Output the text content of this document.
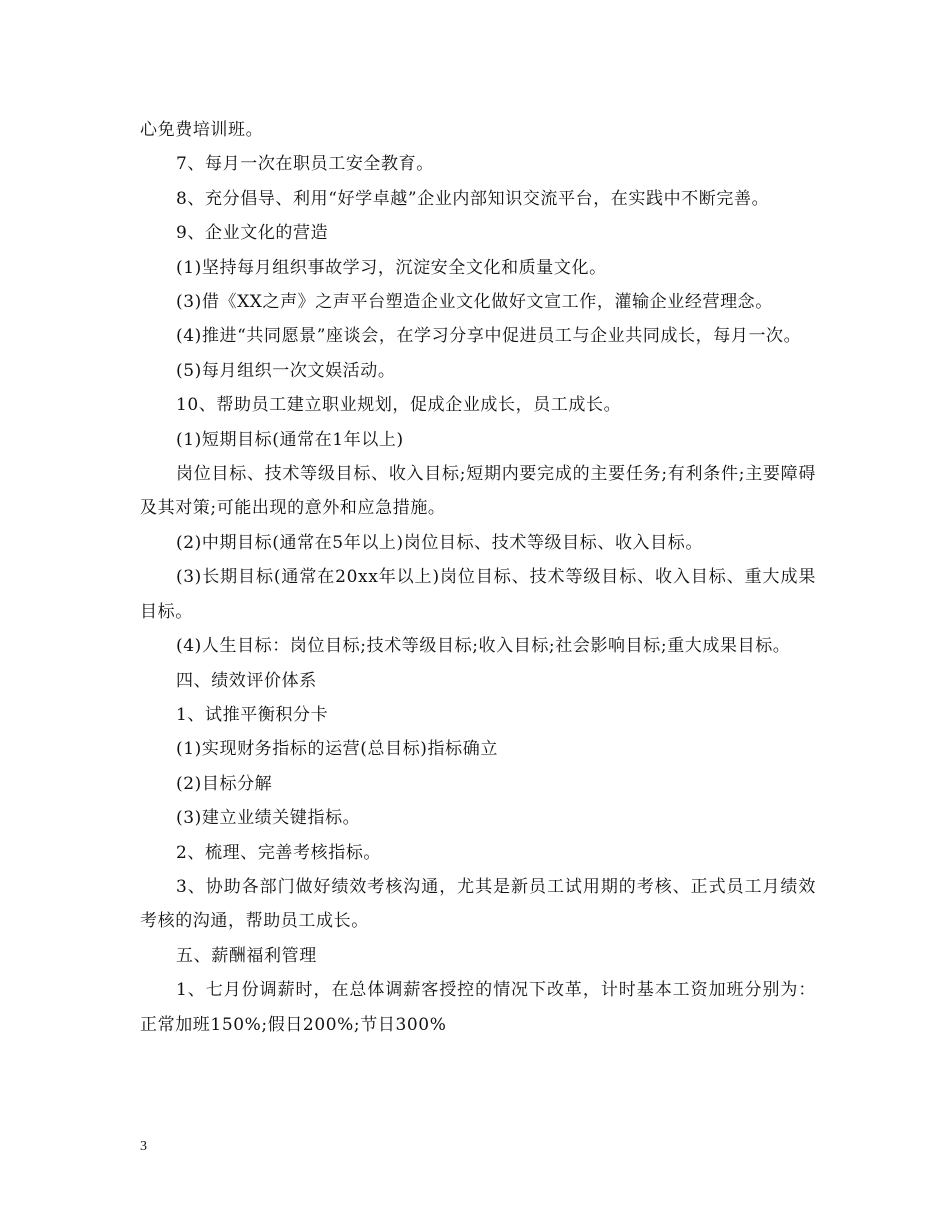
心免费培训班。

7、每月一次在职员工安全教育。

8、充分倡导、利用“好学卓越”企业内部知识交流平台，在实践中不断完善。

9、企业文化的营造

(1)坚持每月组织事故学习，沉淀安全文化和质量文化。

(3)借《XX之声》之声平台塑造企业文化做好文宣工作，灌输企业经营理念。

(4)推进“共同愿景”座谈会，在学习分享中促进员工与企业共同成长，每月一次。

(5)每月组织一次文娱活动。

10、帮助员工建立职业规划，促成企业成长，员工成长。

(1)短期目标(通常在1年以上)

岗位目标、技术等级目标、收入目标;短期内要完成的主要任务;有利条件;主要障碍及其对策;可能出现的意外和应急措施。

(2)中期目标(通常在5年以上)岗位目标、技术等级目标、收入目标。

(3)长期目标(通常在20xx年以上)岗位目标、技术等级目标、收入目标、重大成果目标。

(4)人生目标：岗位目标;技术等级目标;收入目标;社会影响目标;重大成果目标。

四、绩效评价体系

1、试推平衡积分卡

(1)实现财务指标的运营(总目标)指标确立

(2)目标分解

(3)建立业绩关键指标。

2、梳理、完善考核指标。

3、协助各部门做好绩效考核沟通，尤其是新员工试用期的考核、正式员工月绩效考核的沟通，帮助员工成长。

五、薪酬福利管理

1、七月份调薪时，在总体调薪客授控的情况下改革，计时基本工资加班分别为：正常加班150%;假日200%;节日300%

3
